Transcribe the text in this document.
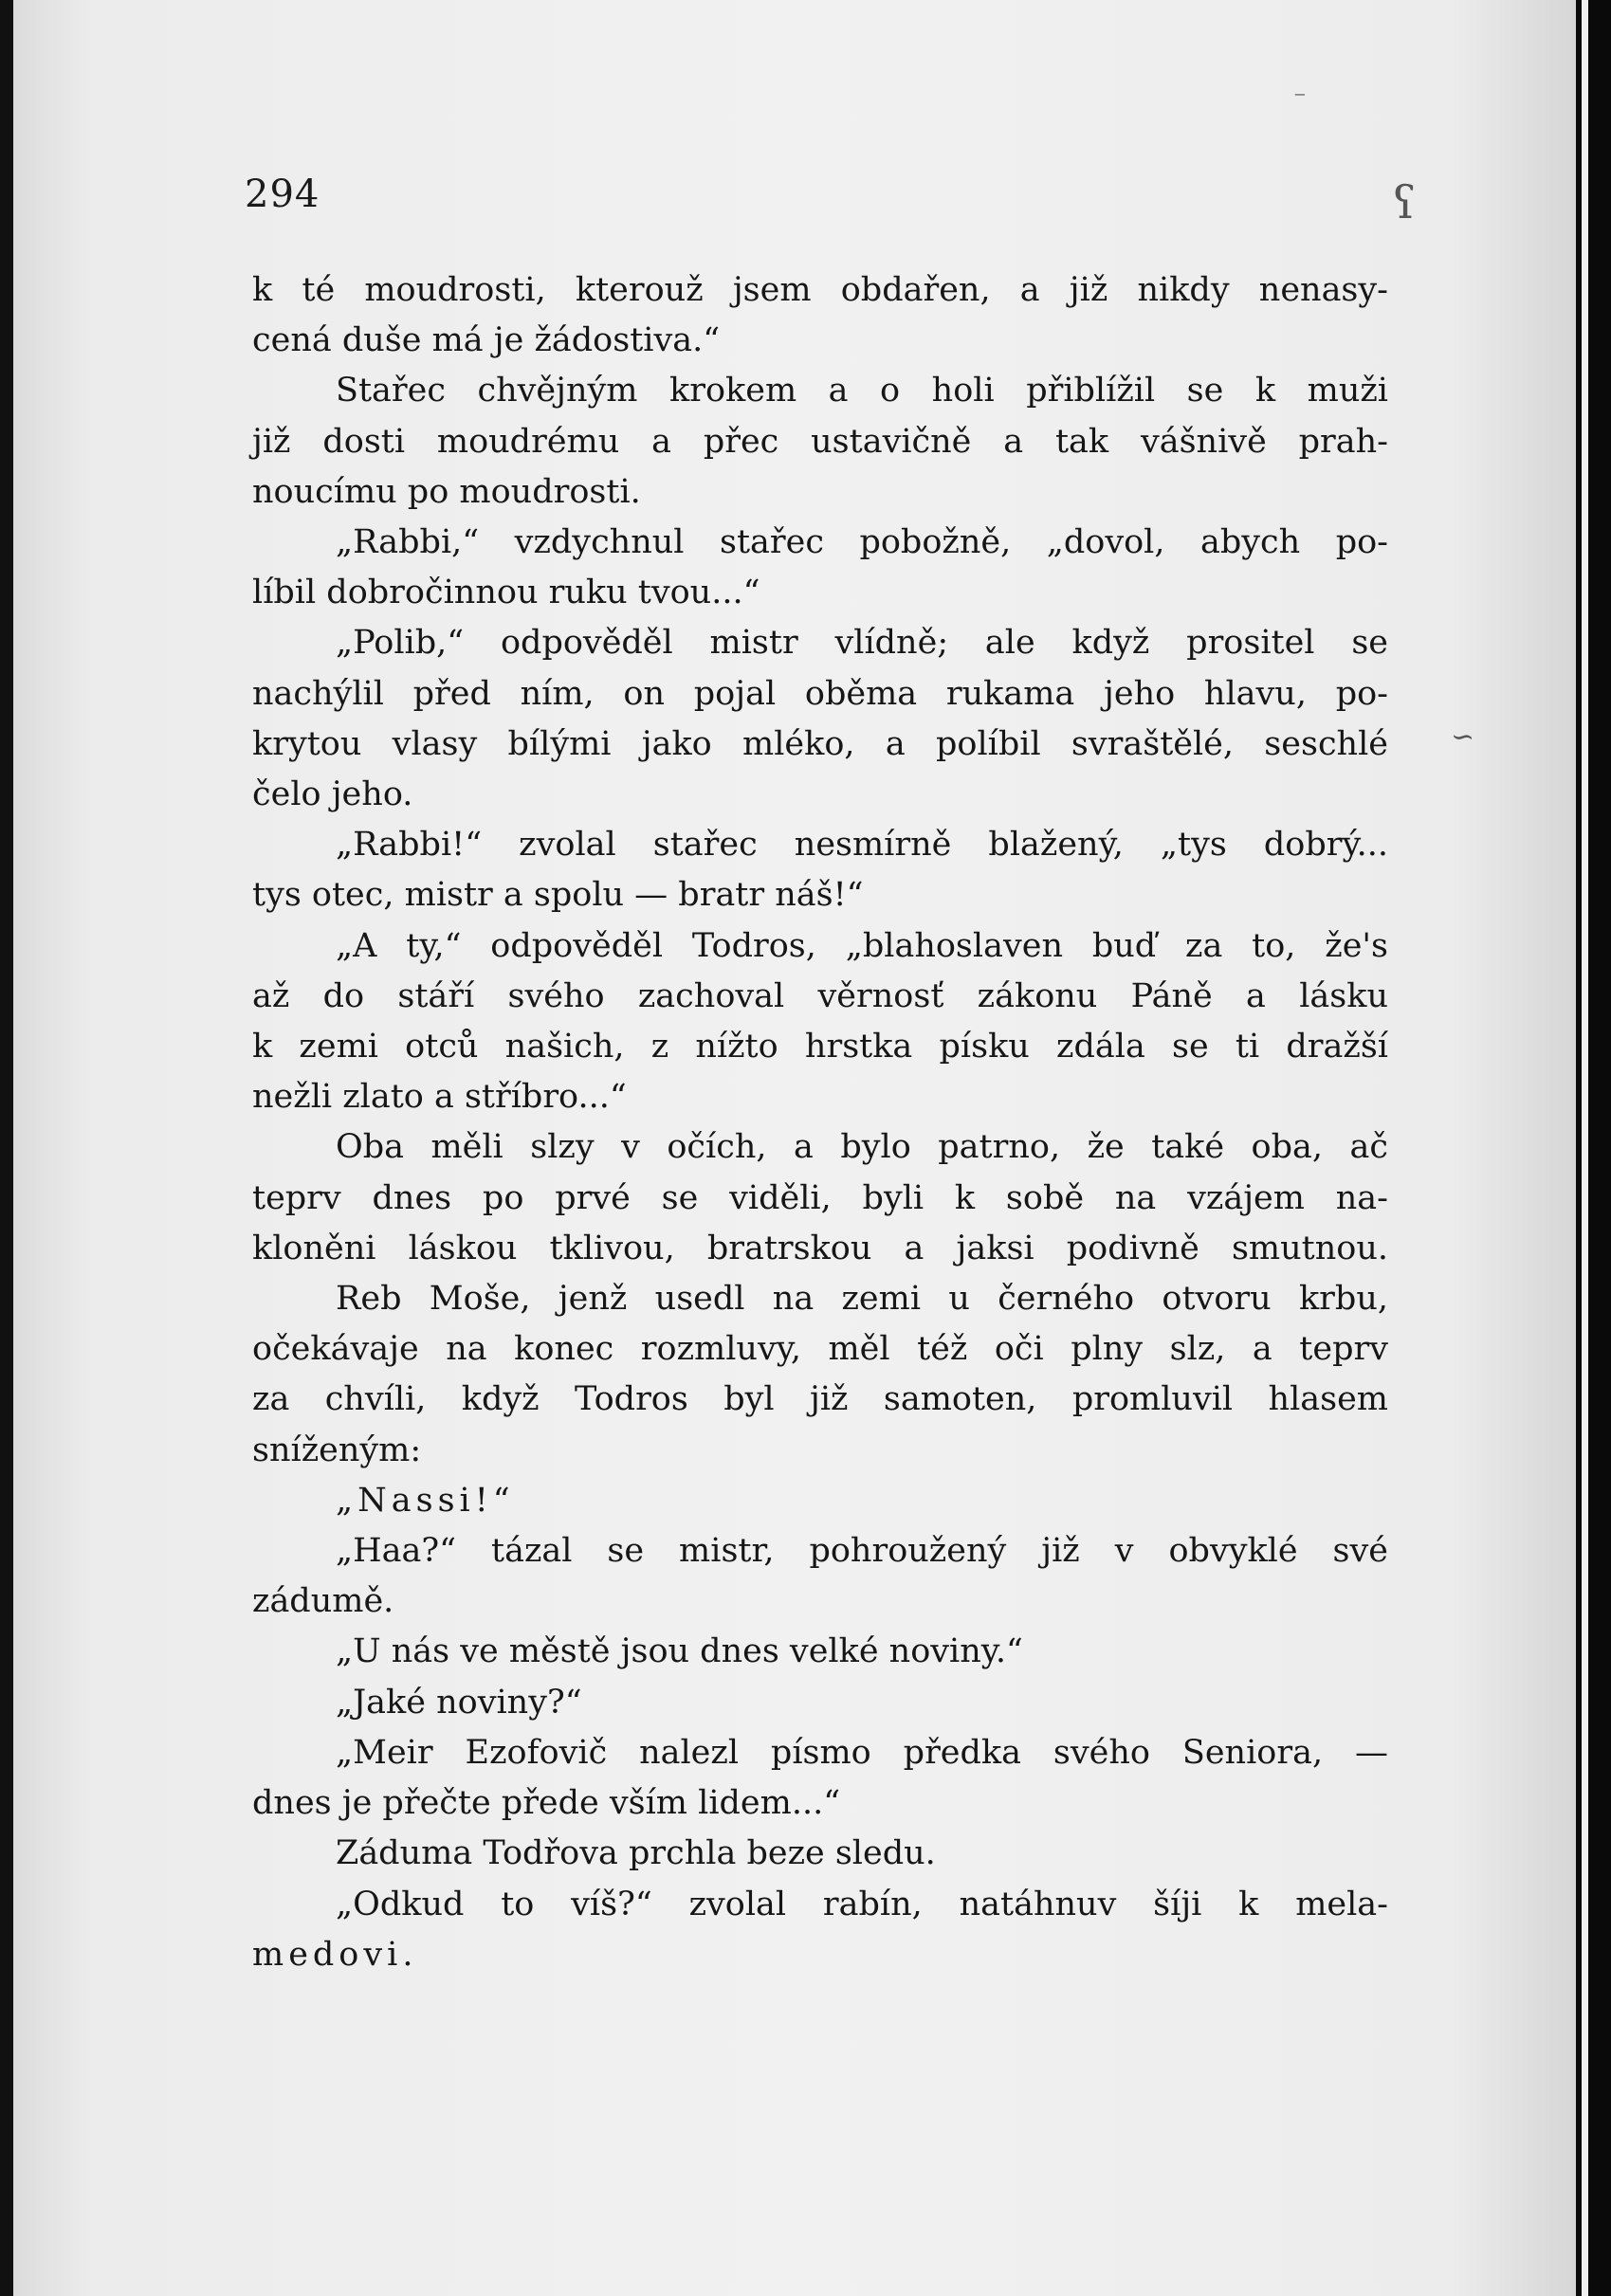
294
k té moudrosti, kterouž jsem obdařen, a již nikdy nenasy-
cená duše má je žádostiva.“
Stařec chvějným krokem a o holi přiblížil se k muži
již dosti moudrému a přec ustavičně a tak vášnivě prah-
noucímu po moudrosti.
„Rabbi,“ vzdychnul stařec pobožně, „dovol, abych po-
líbil dobročinnou ruku tvou...“
„Polib,“ odpověděl mistr vlídně; ale když prositel se
nachýlil před ním, on pojal oběma rukama jeho hlavu, po-
krytou vlasy bílými jako mléko, a políbil svraštělé, seschlé
čelo jeho.
„Rabbi!“ zvolal stařec nesmírně blažený, „tys dobrý...
tys otec, mistr a spolu — bratr náš!“
„A ty,“ odpověděl Todros, „blahoslaven buď za to, že's
až do stáří svého zachoval věrnosť zákonu Páně a lásku
k zemi otců našich, z nížto hrstka písku zdála se ti dražší
nežli zlato a stříbro...“
Oba měli slzy v očích, a bylo patrno, že také oba, ač
teprv dnes po prvé se viděli, byli k sobě na vzájem na-
kloněni láskou tklivou, bratrskou a jaksi podivně smutnou.
Reb Moše, jenž usedl na zemi u černého otvoru krbu,
očekávaje na konec rozmluvy, měl též oči plny slz, a teprv
za chvíli, když Todros byl již samoten, promluvil hlasem
sníženým:
„Nassi!“
„Haa?“ tázal se mistr, pohroužený již v obvyklé své
zádumě.
„U nás ve městě jsou dnes velké noviny.“
„Jaké noviny?“
„Meir Ezofovič nalezl písmo předka svého Seniora, —
dnes je přečte přede vším lidem...“
Záduma Todřova prchla beze sledu.
„Odkud to víš?“ zvolal rabín, natáhnuv šíji k mela-
medovi.
ʕ
∽
⁻
